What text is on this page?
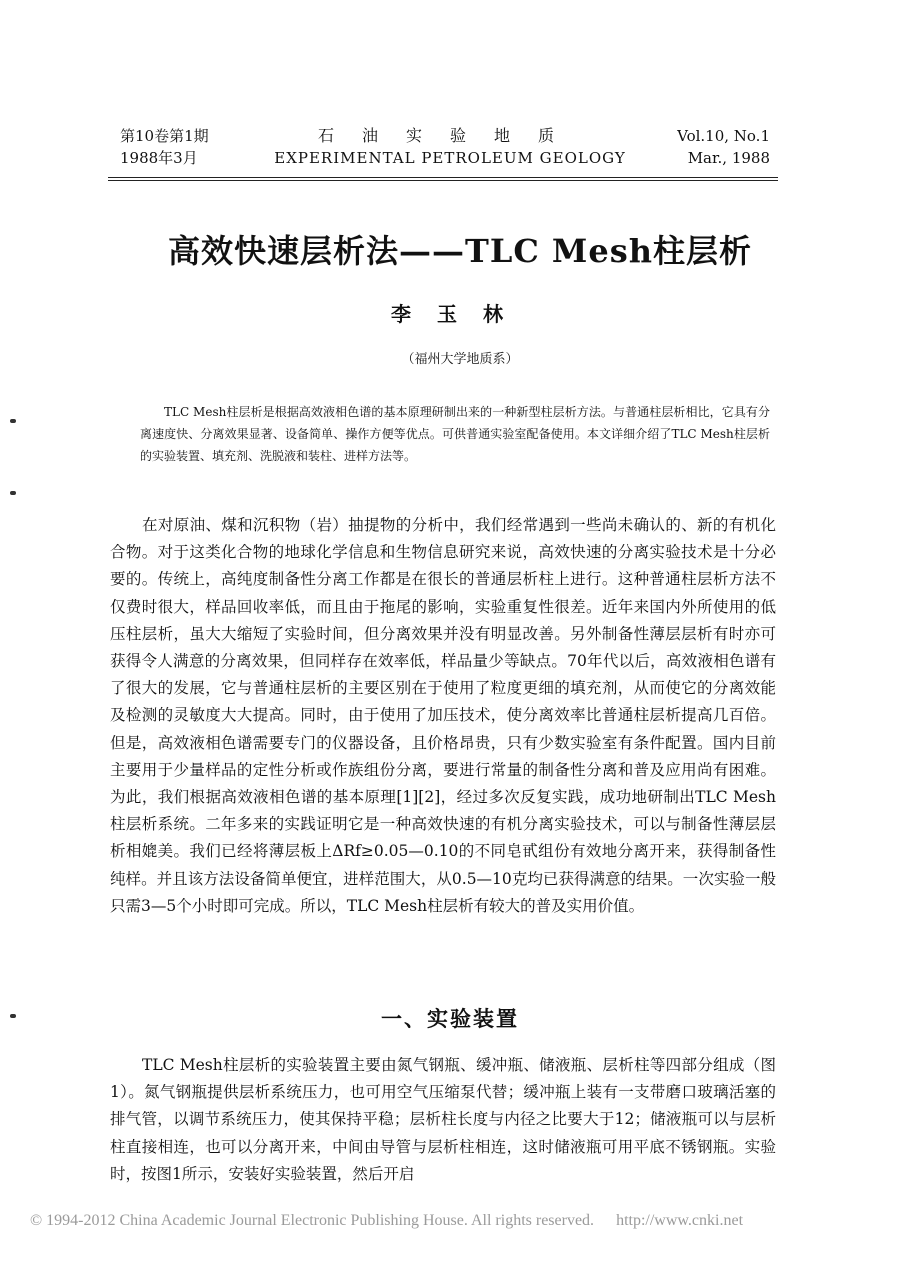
第10卷第1期
1988年3月
石油实验地质
EXPERIMENTAL PETROLEUM GEOLOGY
Vol.10, No.1
Mar., 1988
高效快速层析法——TLC Mesh柱层析
李玉林
（福州大学地质系）
TLC Mesh柱层析是根据高效液相色谱的基本原理研制出来的一种新型柱层析方法。与普通柱层析相比，它具有分离速度快、分离效果显著、设备简单、操作方便等优点。可供普通实验室配备使用。本文详细介绍了TLC Mesh柱层析的实验装置、填充剂、洗脱液和装柱、进样方法等。
在对原油、煤和沉积物（岩）抽提物的分析中，我们经常遇到一些尚未确认的、新的有机化合物。对于这类化合物的地球化学信息和生物信息研究来说，高效快速的分离实验技术是十分必要的。传统上，高纯度制备性分离工作都是在很长的普通层析柱上进行。这种普通柱层析方法不仅费时很大，样品回收率低，而且由于拖尾的影响，实验重复性很差。近年来国内外所使用的低压柱层析，虽大大缩短了实验时间，但分离效果并没有明显改善。另外制备性薄层层析有时亦可获得令人满意的分离效果，但同样存在效率低，样品量少等缺点。70年代以后，高效液相色谱有了很大的发展，它与普通柱层析的主要区别在于使用了粒度更细的填充剂，从而使它的分离效能及检测的灵敏度大大提高。同时，由于使用了加压技术，使分离效率比普通柱层析提高几百倍。但是，高效液相色谱需要专门的仪器设备，且价格昂贵，只有少数实验室有条件配置。国内目前主要用于少量样品的定性分析或作族组份分离，要进行常量的制备性分离和普及应用尚有困难。为此，我们根据高效液相色谱的基本原理[1][2]，经过多次反复实践，成功地研制出TLC Mesh柱层析系统。二年多来的实践证明它是一种高效快速的有机分离实验技术，可以与制备性薄层层析相媲美。我们已经将薄层板上ΔRf≥0.05—0.10的不同皂甙组份有效地分离开来，获得制备性纯样。并且该方法设备简单便宜，进样范围大，从0.5—10克均已获得满意的结果。一次实验一般只需3—5个小时即可完成。所以，TLC Mesh柱层析有较大的普及实用价值。
一、实验装置
TLC Mesh柱层析的实验装置主要由氮气钢瓶、缓冲瓶、储液瓶、层析柱等四部分组成（图1）。氮气钢瓶提供层析系统压力，也可用空气压缩泵代替；缓冲瓶上装有一支带磨口玻璃活塞的排气管，以调节系统压力，使其保持平稳；层析柱长度与内径之比要大于12；储液瓶可以与层析柱直接相连，也可以分离开来，中间由导管与层析柱相连，这时储液瓶可用平底不锈钢瓶。实验时，按图1所示，安装好实验装置，然后开启
© 1994-2012 China Academic Journal Electronic Publishing House. All rights reserved. http://www.cnki.net
